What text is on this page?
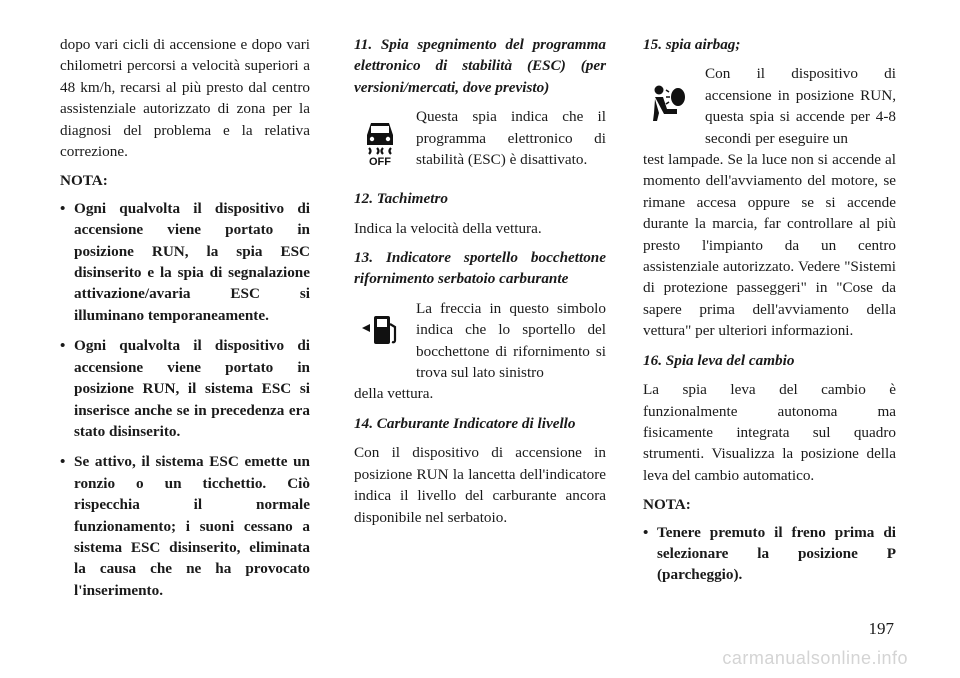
dopo vari cicli di accensione e dopo vari chilometri percorsi a velocità superiori a 48 km/h, recarsi al più presto dal centro assistenziale autorizzato di zona per la diagnosi del problema e la relativa correzione.

NOTA:

• Ogni qualvolta il dispositivo di accensione viene portato in posizione RUN, la spia ESC disinserito e la spia di segnalazione attivazione/avaria ESC si illuminano temporaneamente.
• Ogni qualvolta il dispositivo di accensione viene portato in posizione RUN, il sistema ESC si inserisce anche se in precedenza era stato disinserito.
• Se attivo, il sistema ESC emette un ronzio o un ticchettio. Ciò rispecchia il normale funzionamento; i suoni cessano a sistema ESC disinserito, eliminata la causa che ne ha provocato l'inserimento.

11. Spia spegnimento del programma elettronico di stabilità (ESC) (per versioni/mercati, dove previsto)

OFF

Questa spia indica che il programma elettronico di stabilità (ESC) è disattivato.

12. Tachimetro

Indica la velocità della vettura.

13. Indicatore sportello bocchettone rifornimento serbatoio carburante

La freccia in questo simbolo indica che lo sportello del bocchettone di rifornimento si trova sul lato sinistro

della vettura.

14. Carburante Indicatore di livello

Con il dispositivo di accensione in posizione RUN la lancetta dell'indicatore indica il livello del carburante ancora disponibile nel serbatoio.

15. spia airbag;

Con il dispositivo di accensione in posizione RUN, questa spia si accende per 4-8 secondi per eseguire un

test lampade. Se la luce non si accende al momento dell'avviamento del motore, se rimane accesa oppure se si accende durante la marcia, far controllare al più presto l'impianto da un centro assistenziale autorizzato. Vedere "Sistemi di protezione passeggeri" in "Cose da sapere prima dell'avviamento della vettura" per ulteriori informazioni.

16. Spia leva del cambio

La spia leva del cambio è funzionalmente autonoma ma fisicamente integrata sul quadro strumenti. Visualizza la posizione della leva del cambio automatico.

NOTA:

• Tenere premuto il freno prima di selezionare la posizione P (parcheggio).
197
carmanualsonline.info
